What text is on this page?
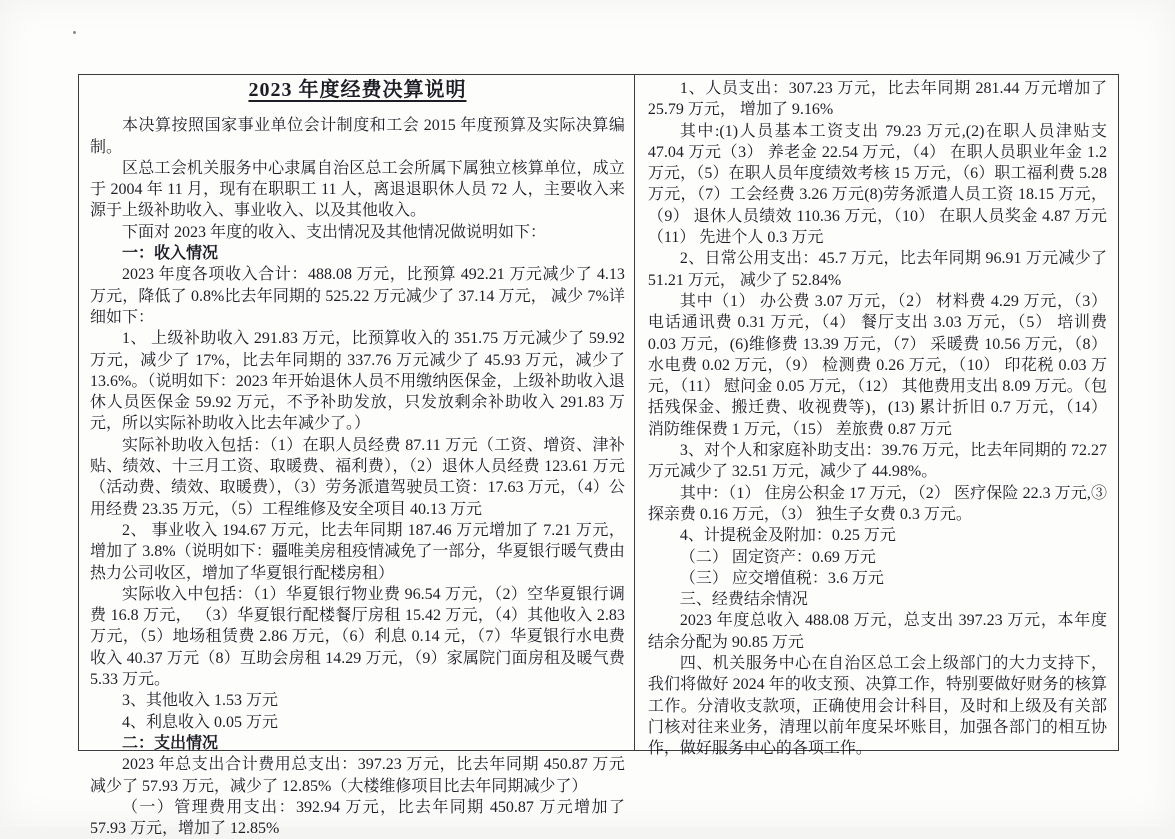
2023 年度经费决算说明

本决算按照国家事业单位会计制度和工会 2015 年度预算及实际决算编制。

区总工会机关服务中心隶属自治区总工会所属下属独立核算单位，成立于 2004 年 11 月，现有在职职工 11 人，离退退职休人员 72 人，主要收入来源于上级补助收入、事业收入、以及其他收入。

下面对 2023 年度的收入、支出情况及其他情况做说明如下：

一：收入情况

2023 年度各项收入合计：488.08 万元，比预算 492.21 万元减少了 4.13 万元，降低了 0.8%比去年同期的 525.22 万元减少了 37.14 万元， 减少 7%详细如下：

1、 上级补助收入 291.83 万元，比预算收入的 351.75 万元减少了 59.92 万元，减少了 17%，比去年同期的 337.76 万元减少了 45.93 万元，减少了 13.6%。（说明如下：2023 年开始退休人员不用缴纳医保金，上级补助收入退休人员医保金 59.92 万元，不予补助发放，只发放剩余补助收入 291.83 万元，所以实际补助收入比去年减少了。）

实际补助收入包括：（1）在职人员经费 87.11 万元（工资、增资、津补贴、绩效、十三月工资、取暖费、福利费），（2）退休人员经费 123.61 万元（活动费、绩效、取暖费），（3）劳务派遣驾驶员工资：17.63 万元，（4）公用经费 23.35 万元，（5）工程维修及安全项目 40.13 万元

2、 事业收入 194.67 万元，比去年同期 187.46 万元增加了 7.21 万元，增加了 3.8%（说明如下：疆唯美房租疫情减免了一部分，华夏银行暖气费由热力公司收区，增加了华夏银行配楼房租）

实际收入中包括：（1）华夏银行物业费 96.54 万元，（2）空华夏银行调费 16.8 万元， （3）华夏银行配楼餐厅房租 15.42 万元，（4）其他收入 2.83 万元，（5）地场租赁费 2.86 万元，（6）利息 0.14 元，（7）华夏银行水电费收入 40.37 万元（8）互助会房租 14.29 万元，（9）家属院门面房租及暖气费 5.33 万元。

3、其他收入 1.53 万元

4、利息收入 0.05 万元

二：支出情况

2023 年总支出合计费用总支出：397.23 万元，比去年同期 450.87 万元减少了 57.93 万元，减少了 12.85%（大楼维修项目比去年同期减少了）

（一）管理费用支出：392.94 万元，比去年同期 450.87 万元增加了 57.93 万元，增加了 12.85%

1、人员支出：307.23 万元，比去年同期 281.44 万元增加了 25.79 万元， 增加了 9.16%

其中:(1)人员基本工资支出 79.23 万元,(2)在职人员津贴支 47.04 万元（3） 养老金 22.54 万元，（4） 在职人员职业年金 1.2 万元，（5）在职人员年度绩效考核 15 万元，（6）职工福利费 5.28 万元，（7）工会经费 3.26 万元(8)劳务派遣人员工资 18.15 万元，（9） 退休人员绩效 110.36 万元，（10） 在职人员奖金 4.87 万元（11） 先进个人 0.3 万元

2、日常公用支出：45.7 万元，比去年同期 96.91 万元减少了 51.21 万元， 减少了 52.84%

其中（1） 办公费 3.07 万元，（2） 材料费 4.29 万元，（3） 电话通讯费 0.31 万元，（4） 餐厅支出 3.03 万元，（5） 培训费 0.03 万元，(6)维修费 13.39 万元，（7） 采暖费 10.56 万元，（8） 水电费 0.02 万元，（9） 检测费 0.26 万元，（10） 印花税 0.03 万元，（11） 慰问金 0.05 万元，（12） 其他费用支出 8.09 万元。（包括残保金、搬迁费、收视费等)，(13) 累计折旧 0.7 万元，（14） 消防维保费 1 万元，（15） 差旅费 0.87 万元

3、对个人和家庭补助支出：39.76 万元，比去年同期的 72.27 万元减少了 32.51 万元，减少了 44.98%。

其中：（1） 住房公积金 17 万元，（2） 医疗保险 22.3 万元,③探亲费 0.16 万元，（3） 独生子女费 0.3 万元。

4、计提税金及附加：0.25 万元

（二） 固定资产：0.69 万元

（三） 应交增值税：3.6 万元

三、经费结余情况

2023 年度总收入 488.08 万元，总支出 397.23 万元，本年度结余分配为 90.85 万元

四、机关服务中心在自治区总工会上级部门的大力支持下，我们将做好 2024 年的收支预、决算工作，特别要做好财务的核算工作。分清收支款项，正确使用会计科目，及时和上级及有关部门核对往来业务，清理以前年度呆坏账目，加强各部门的相互协作，做好服务中心的各项工作。
